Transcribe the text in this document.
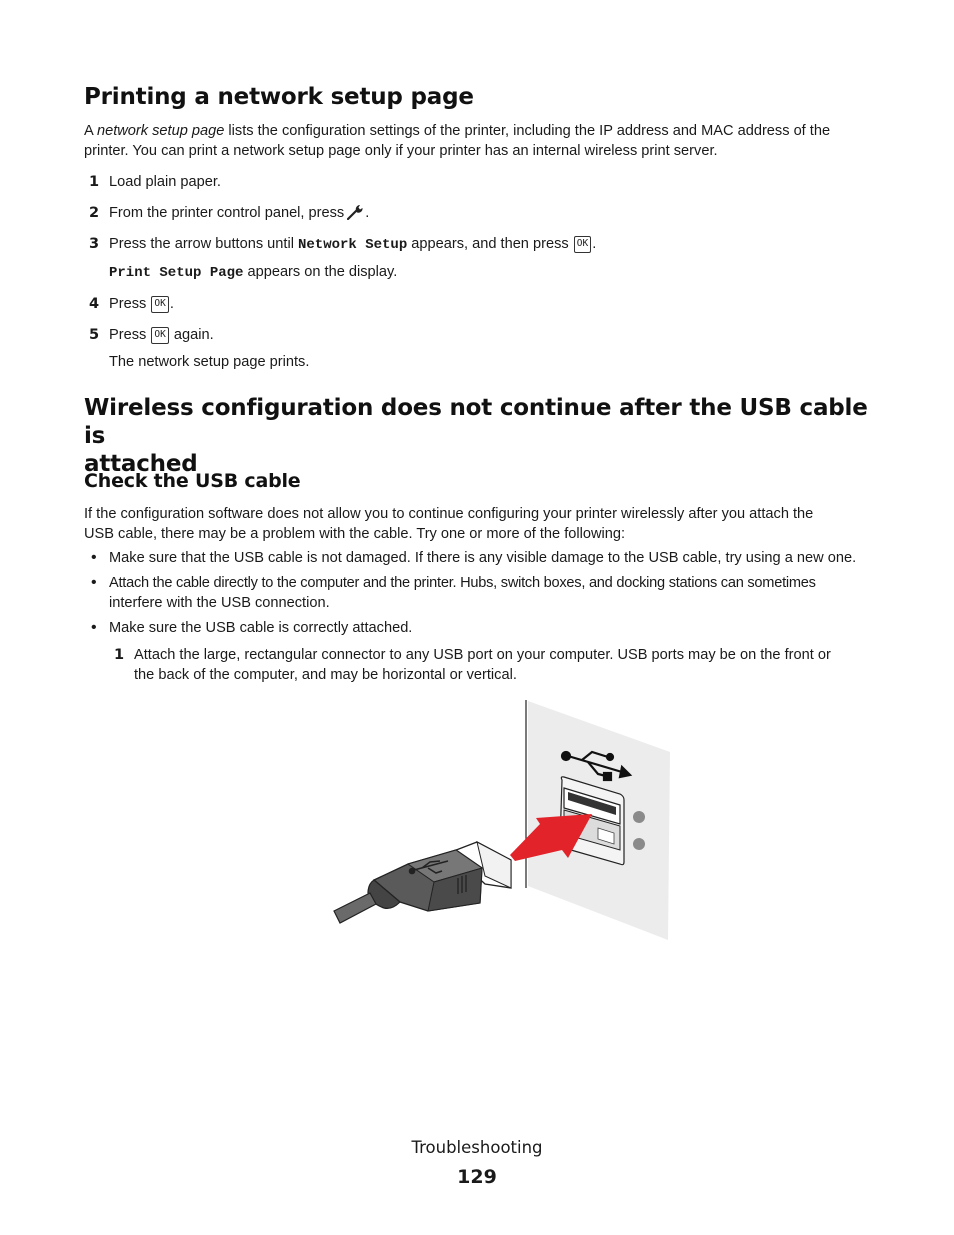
Printing a network setup page
A network setup page lists the configuration settings of the printer, including the IP address and MAC address of the
printer. You can print a network setup page only if your printer has an internal wireless print server.
1 Load plain paper.
2 From the printer control panel, press .
3 Press the arrow buttons until Network Setup appears, and then press OK .
Print Setup Page appears on the display.
4 Press OK .
5 Press OK again.
The network setup page prints.
Wireless configuration does not continue after the USB cable is
attached
Check the USB cable
If the configuration software does not allow you to continue configuring your printer wirelessly after you attach the
USB cable, there may be a problem with the cable. Try one or more of the following:
• Make sure that the USB cable is not damaged. If there is any visible damage to the USB cable, try using a new one.
• Attach the cable directly to the computer and the printer. Hubs, switch boxes, and docking stations can sometimes
interfere with the USB connection.
• Make sure the USB cable is correctly attached.
1 Attach the large, rectangular connector to any USB port on your computer. USB ports may be on the front or
the back of the computer, and may be horizontal or vertical.
Troubleshooting
129
